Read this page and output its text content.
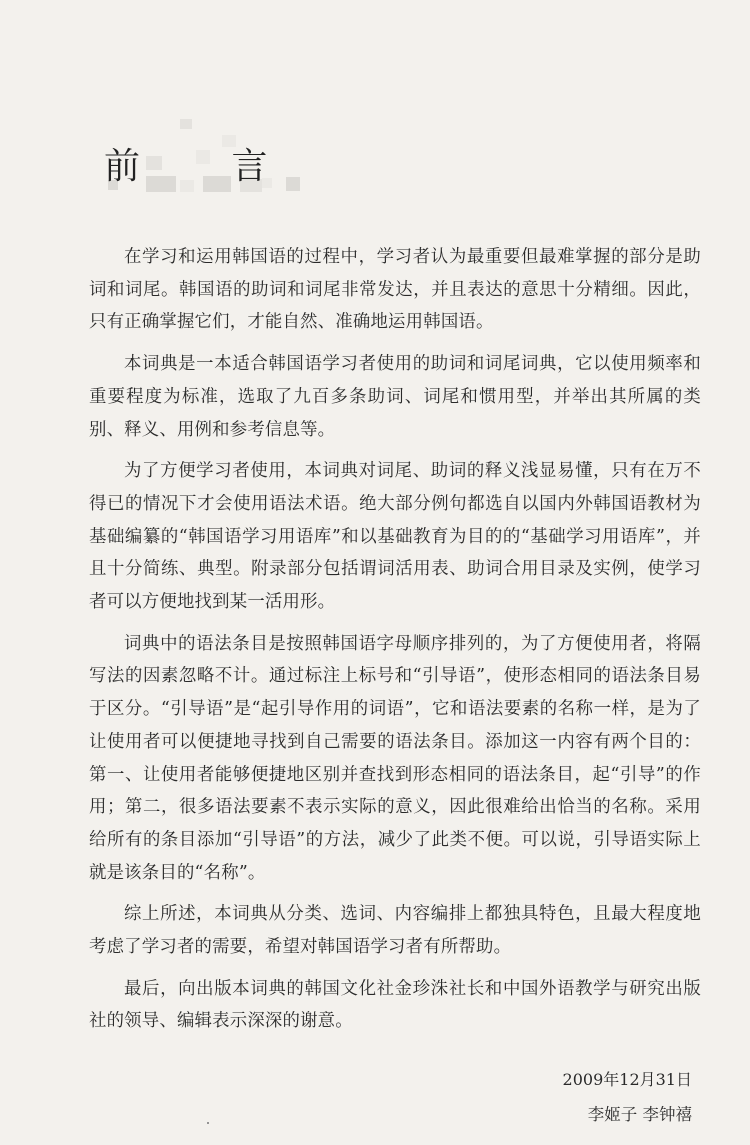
前 言

在学习和运用韩国语的过程中，学习者认为最重要但最难掌握的部分是助词和词尾。韩国语的助词和词尾非常发达，并且表达的意思十分精细。因此，只有正确掌握它们，才能自然、准确地运用韩国语。

本词典是一本适合韩国语学习者使用的助词和词尾词典，它以使用频率和重要程度为标准，选取了九百多条助词、词尾和惯用型，并举出其所属的类别、释义、用例和参考信息等。

为了方便学习者使用，本词典对词尾、助词的释义浅显易懂，只有在万不得已的情况下才会使用语法术语。绝大部分例句都选自以国内外韩国语教材为基础编纂的“韩国语学习用语库”和以基础教育为目的的“基础学习用语库”，并且十分简练、典型。附录部分包括谓词活用表、助词合用目录及实例，使学习者可以方便地找到某一活用形。

词典中的语法条目是按照韩国语字母顺序排列的，为了方便使用者，将隔写法的因素忽略不计。通过标注上标号和“引导语”，使形态相同的语法条目易于区分。“引导语”是“起引导作用的词语”，它和语法要素的名称一样，是为了让使用者可以便捷地寻找到自己需要的语法条目。添加这一内容有两个目的：第一、让使用者能够便捷地区别并查找到形态相同的语法条目，起“引导”的作用；第二，很多语法要素不表示实际的意义，因此很难给出恰当的名称。采用给所有的条目添加“引导语”的方法，减少了此类不便。可以说，引导语实际上就是该条目的“名称”。

综上所述，本词典从分类、选词、内容编排上都独具特色，且最大程度地考虑了学习者的需要，希望对韩国语学习者有所帮助。

最后，向出版本词典的韩国文化社金珍洙社长和中国外语教学与研究出版社的领导、编辑表示深深的谢意。

2009年12月31日
李姬子 李钟禧
